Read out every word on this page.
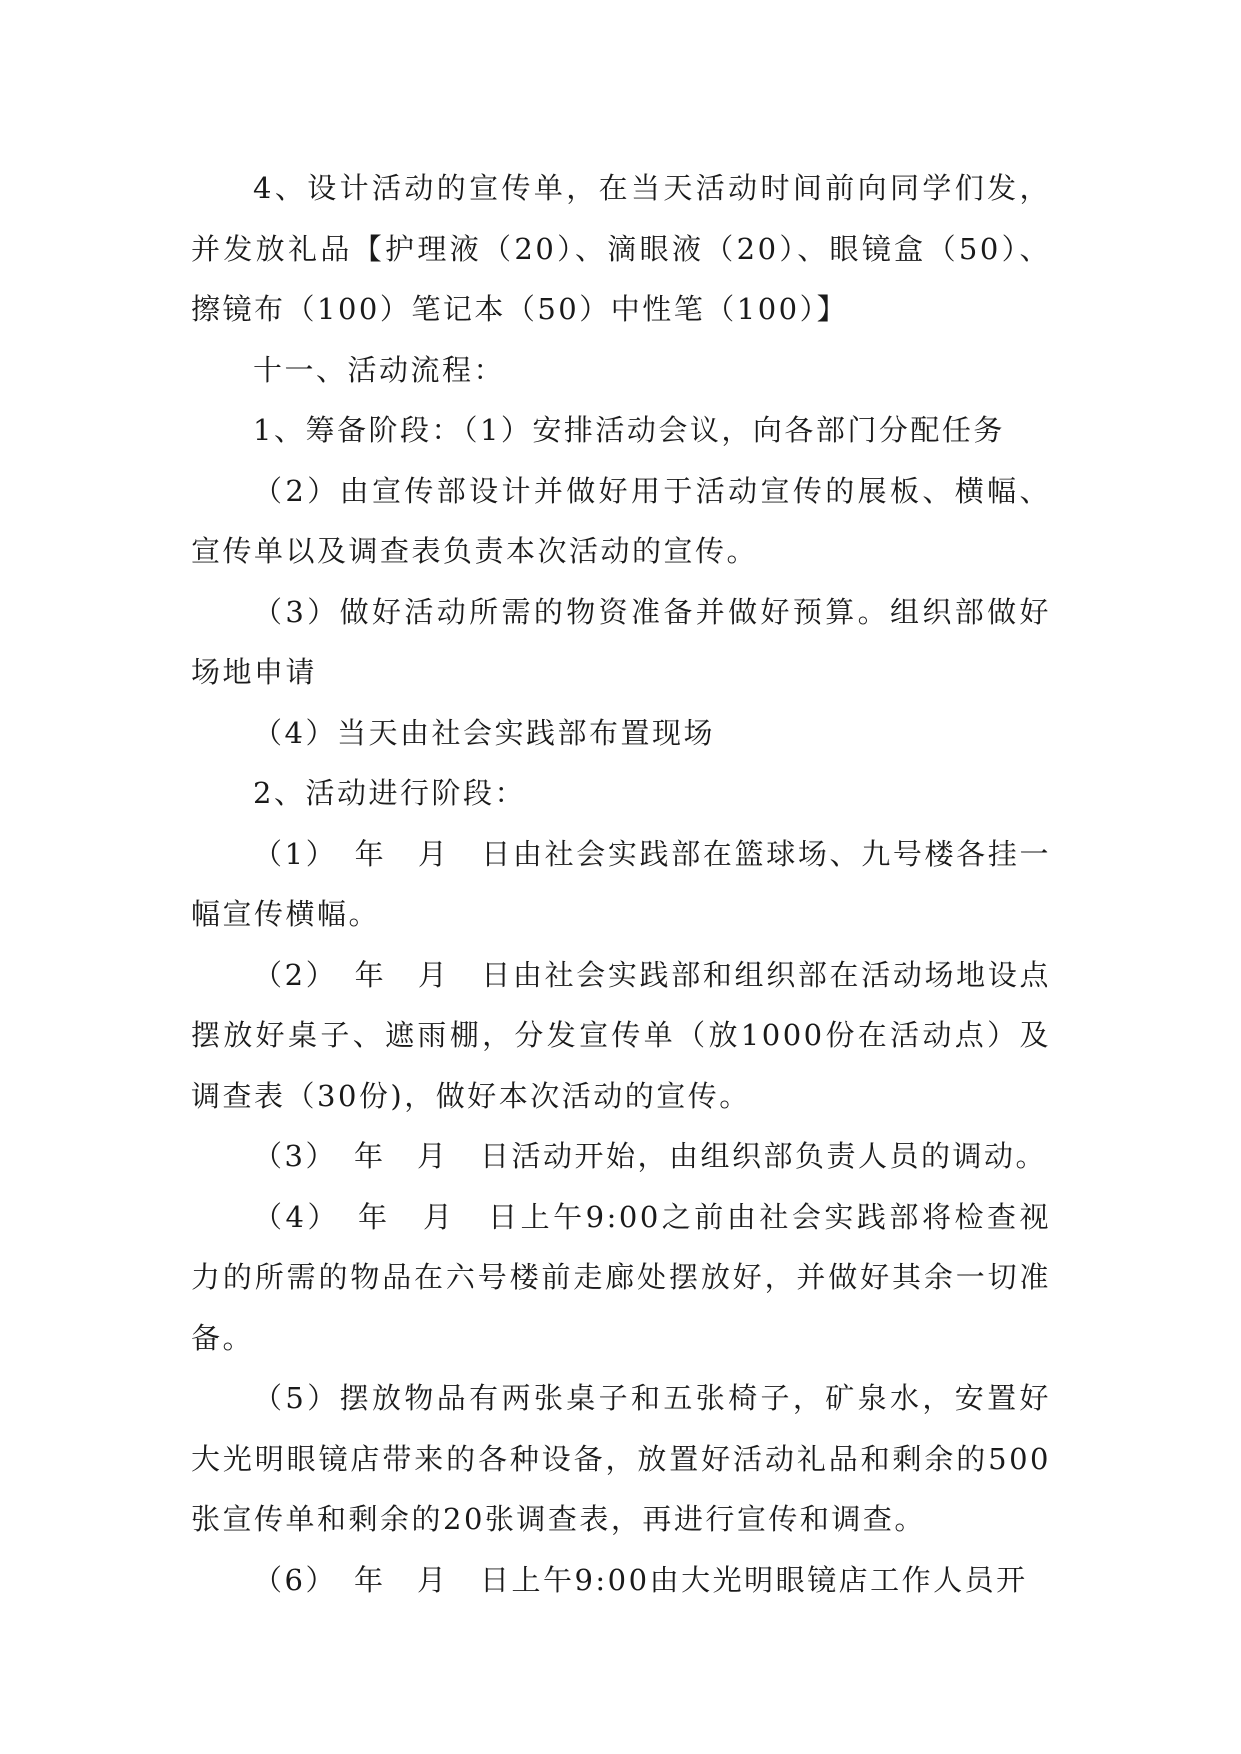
4、设计活动的宣传单，在当天活动时间前向同学们发，并发放礼品【护理液（20）、滴眼液（20）、眼镜盒（50）、擦镜布（100）笔记本（50）中性笔（100）】

十一、活动流程：

1、筹备阶段：（1）安排活动会议，向各部门分配任务

（2）由宣传部设计并做好用于活动宣传的展板、横幅、宣传单以及调查表负责本次活动的宣传。

（3）做好活动所需的物资准备并做好预算。组织部做好场地申请

（4）当天由社会实践部布置现场

2、活动进行阶段：

（1）　年　月　日由社会实践部在篮球场、九号楼各挂一幅宣传横幅。

（2）　年　月　日由社会实践部和组织部在活动场地设点摆放好桌子、遮雨棚，分发宣传单（放1000份在活动点）及调查表（30份)，做好本次活动的宣传。

（3）　年　月　日活动开始，由组织部负责人员的调动。

（4）　年　月　日上午9:00之前由社会实践部将检查视力的所需的物品在六号楼前走廊处摆放好，并做好其余一切准备。

（5）摆放物品有两张桌子和五张椅子，矿泉水，安置好大光明眼镜店带来的各种设备，放置好活动礼品和剩余的500张宣传单和剩余的20张调查表，再进行宣传和调查。

（6）　年　月　日上午9:00由大光明眼镜店工作人员开
